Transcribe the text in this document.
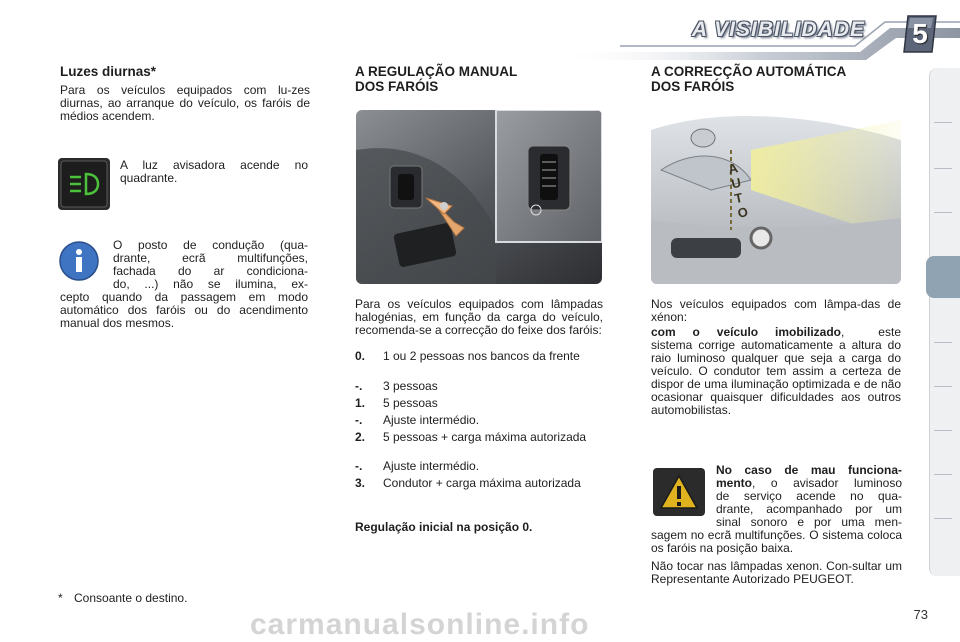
A VISIBILIDADE	5
Luzes diurnas*
Para os veículos equipados com lu-zes diurnas, ao arranque do veículo, os faróis de médios acendem.
A luz avisadora acende no quadrante.
O posto de condução (qua-
drante, ecrã multifunções,
fachada do ar condiciona-
do, ...) não se ilumina, ex-
cepto quando da passagem em modo automático dos faróis ou do acendimento manual dos mesmos.
* Consoante o destino.
A REGULAÇÃO MANUAL
DOS FARÓIS
Para os veículos equipados com lâmpadas halogénias, em função da carga do veículo, recomenda-se a correcção do feixe dos faróis:
0. 1 ou 2 pessoas nos bancos da frente
-. 3 pessoas
1. 5 pessoas
-. Ajuste intermédio.
2. 5 pessoas + carga máxima autorizada
-. Ajuste intermédio.
3. Condutor + carga máxima autorizada
Regulação inicial na posição 0.
A CORRECÇÃO AUTOMÁTICA
DOS FARÓIS
AUTO
Nos veículos equipados com lâmpa-das de xénon:
com o veículo imobilizado, este sistema corrige automaticamente a altura do raio luminoso qualquer que seja a carga do veículo. O condutor tem assim a certeza de dispor de uma iluminação optimizada e de não ocasionar quaisquer dificuldades aos outros automobilistas.
No caso de mau funciona-
mento, o avisador luminoso
de serviço acende no qua-
drante, acompanhado por um
sinal sonoro e por uma men-
sagem no ecrã multifunções. O sistema coloca os faróis na posição baixa.
Não tocar nas lâmpadas xenon. Con-sultar um Representante Autorizado PEUGEOT.
73
carmanualsonline.info
